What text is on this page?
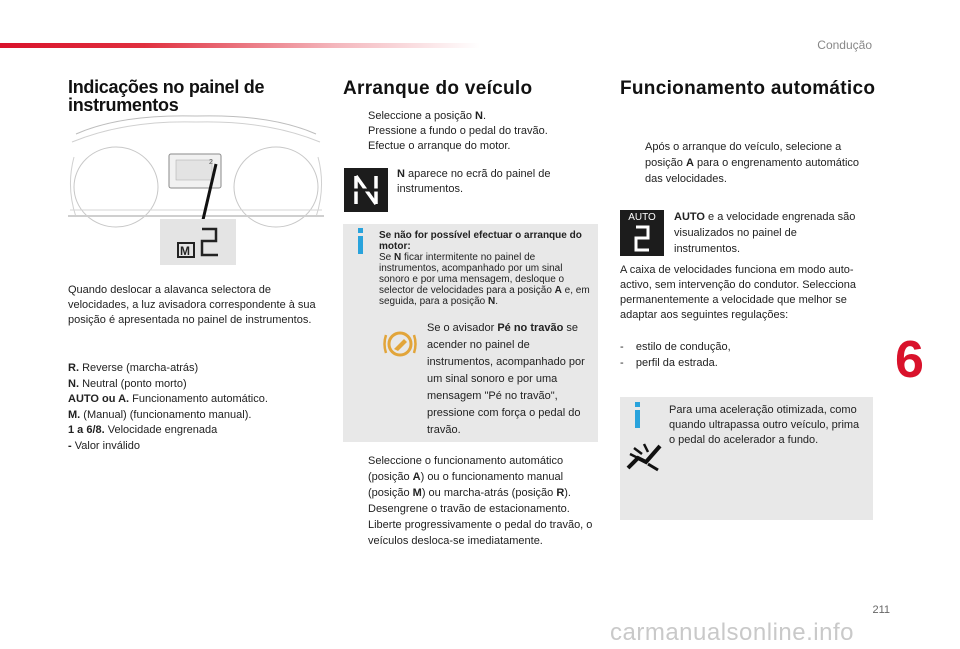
Condução
Indicações no painel de instrumentos
2
M
Quando deslocar a alavanca selectora de velocidades, a luz avisadora correspondente à sua posição é apresentada no painel de instrumentos.
R. Reverse (marcha-atrás)
N. Neutral (ponto morto)
AUTO ou A. Funcionamento automático.
M. (Manual) (funcionamento manual).
1 a 6/8. Velocidade engrenada
- Valor inválido
Arranque do veículo
Seleccione a posição N.
Pressione a fundo o pedal do travão.
Efectue o arranque do motor.
N aparece no ecrã do painel de instrumentos.
Se não for possível efectuar o arranque do motor:
Se N ficar intermitente no painel de instrumentos, acompanhado por um sinal sonoro e por uma mensagem, desloque o selector de velocidades para a posição A e, em seguida, para a posição N.
Se o avisador Pé no travão se acender no painel de instrumentos, acompanhado por um sinal sonoro e por uma mensagem "Pé no travão", pressione com força o pedal do travão.
Seleccione o funcionamento automático (posição A) ou o funcionamento manual (posição M) ou marcha-atrás (posição R).
Desengrene o travão de estacionamento.
Liberte progressivamente o pedal do travão, o veículos desloca-se imediatamente.
Funcionamento automático
Após o arranque do veículo, selecione a posição A para o engrenamento automático das velocidades.
AUTO	AUTO e a velocidade engrenada são visualizados no painel de instrumentos.
A caixa de velocidades funciona em modo auto-activo, sem intervenção do condutor. Selecciona permanentemente a velocidade que melhor se adaptar aos seguintes regulações:
-    estilo de condução,
-    perfil da estrada.
Para uma aceleração otimizada, como quando ultrapassa outro veículo, prima o pedal do acelerador a fundo.
6
211
carmanualsonline.info
